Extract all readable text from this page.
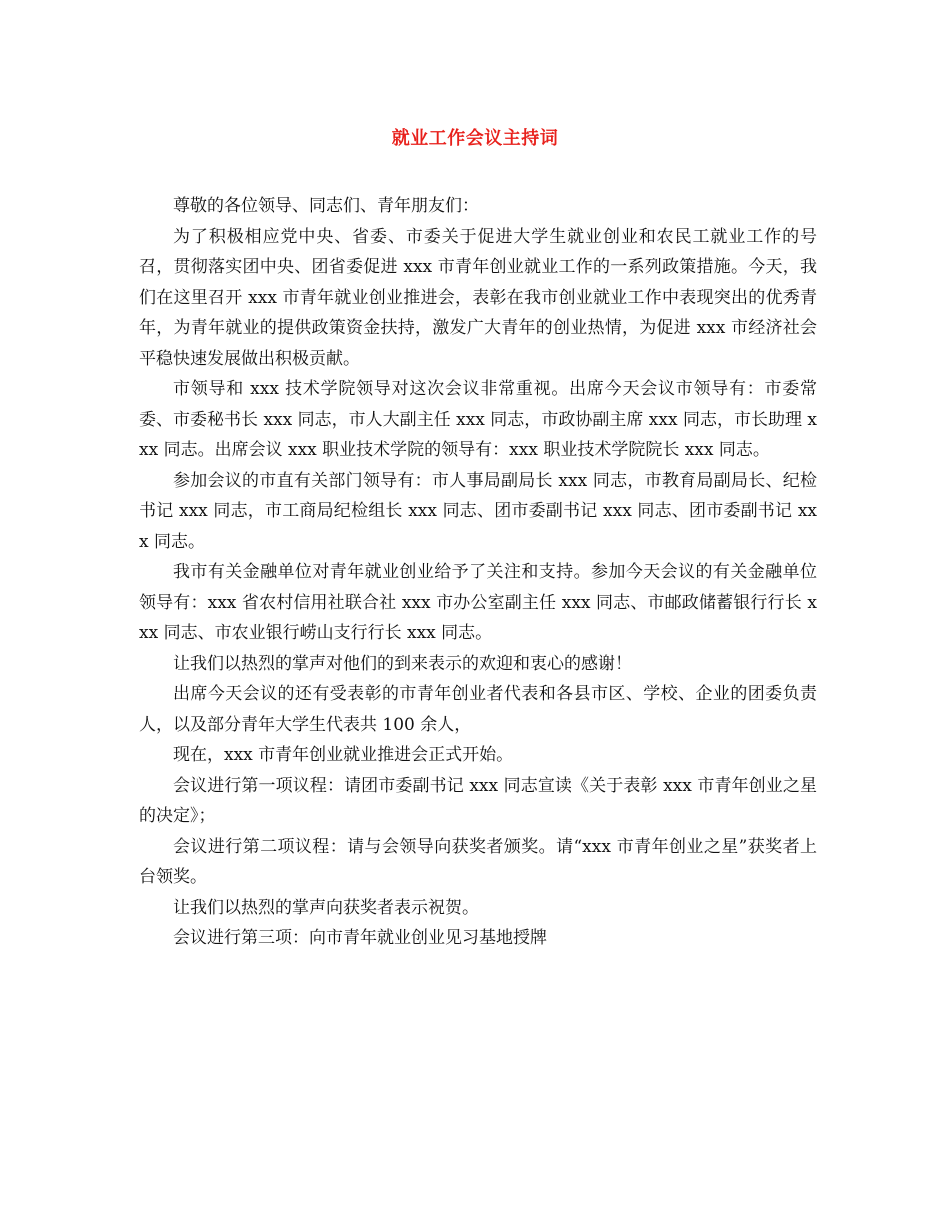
就业工作会议主持词

尊敬的各位领导、同志们、青年朋友们：

为了积极相应党中央、省委、市委关于促进大学生就业创业和农民工就业工作的号召，贯彻落实团中央、团省委促进 xxx 市青年创业就业工作的一系列政策措施。今天，我们在这里召开 xxx 市青年就业创业推进会，表彰在我市创业就业工作中表现突出的优秀青年，为青年就业的提供政策资金扶持，激发广大青年的创业热情，为促进 xxx 市经济社会平稳快速发展做出积极贡献。

市领导和 xxx 技术学院领导对这次会议非常重视。出席今天会议市领导有：市委常委、市委秘书长 xxx 同志，市人大副主任 xxx 同志，市政协副主席 xxx 同志，市长助理 xxx 同志。出席会议 xxx 职业技术学院的领导有：xxx 职业技术学院院长 xxx 同志。

参加会议的市直有关部门领导有：市人事局副局长 xxx 同志，市教育局副局长、纪检书记 xxx 同志，市工商局纪检组长 xxx 同志、团市委副书记 xxx 同志、团市委副书记 xxx 同志。

我市有关金融单位对青年就业创业给予了关注和支持。参加今天会议的有关金融单位领导有：xxx 省农村信用社联合社 xxx 市办公室副主任 xxx 同志、市邮政储蓄银行行长 xxx 同志、市农业银行崂山支行行长 xxx 同志。

让我们以热烈的掌声对他们的到来表示的欢迎和衷心的感谢！

出席今天会议的还有受表彰的市青年创业者代表和各县市区、学校、企业的团委负责人，以及部分青年大学生代表共 100 余人，

现在，xxx 市青年创业就业推进会正式开始。

会议进行第一项议程：请团市委副书记 xxx 同志宣读《关于表彰 xxx 市青年创业之星的决定》；

会议进行第二项议程：请与会领导向获奖者颁奖。请“xxx 市青年创业之星”获奖者上台领奖。

让我们以热烈的掌声向获奖者表示祝贺。

会议进行第三项：向市青年就业创业见习基地授牌
